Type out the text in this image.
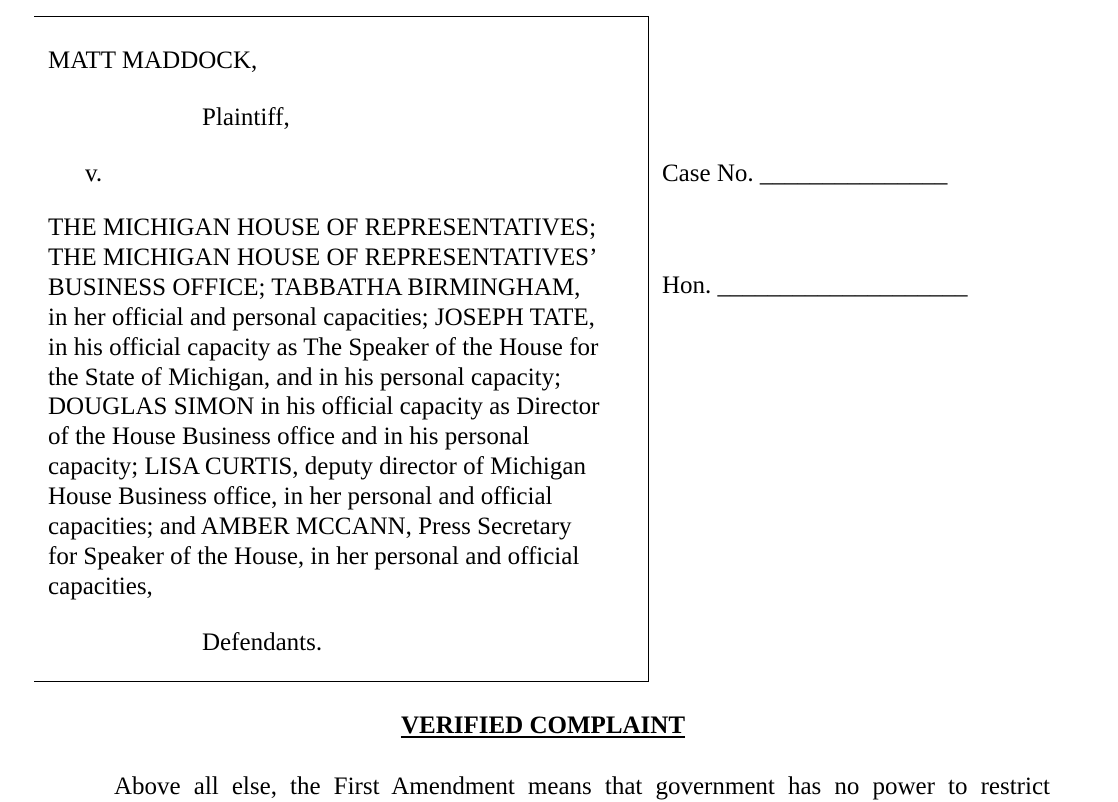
MATT MADDOCK,
Plaintiff,
v.
THE MICHIGAN HOUSE OF REPRESENTATIVES;
THE MICHIGAN HOUSE OF REPRESENTATIVES’
BUSINESS OFFICE; TABBATHA BIRMINGHAM,
in her official and personal capacities; JOSEPH TATE,
in his official capacity as The Speaker of the House for
the State of Michigan, and in his personal capacity;
DOUGLAS SIMON in his official capacity as Director
of the House Business office and in his personal
capacity; LISA CURTIS, deputy director of Michigan
House Business office, in her personal and official
capacities; and AMBER MCCANN, Press Secretary
for Speaker of the House, in her personal and official
capacities,
Defendants.
Case No. _______________
Hon. ____________________
VERIFIED COMPLAINT
Above all else, the First Amendment means that government has no power to restrict
